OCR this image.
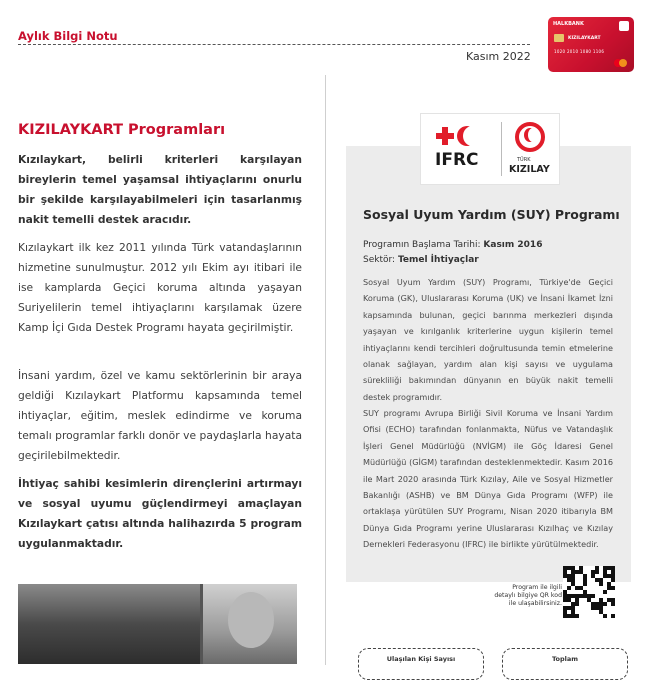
Aylık Bilgi Notu
Kasım 2022
HALKBANK
KIZILAYKART
1020 2010 1080 1106
KIZILAYKART Programları

Kızılaykart, belirli kriterleri karşılayan bireylerin temel yaşamsal ihtiyaçlarını onurlu bir şekilde karşılayabilmeleri için tasarlanmış nakit temelli destek aracıdır.

Kızılaykart ilk kez 2011 yılında Türk vatandaşlarının hizmetine sunulmuştur. 2012 yılı Ekim ayı itibari ile ise kamplarda Geçici koruma altında yaşayan Suriyelilerin temel ihtiyaçlarını karşılamak üzere Kamp İçi Gıda Destek Programı hayata geçirilmiştir.

İnsani yardım, özel ve kamu sektörlerinin bir araya geldiği Kızılaykart Platformu kapsamında temel ihtiyaçlar, eğitim, meslek edindirme ve koruma temalı programlar farklı donör ve paydaşlarla hayata geçirilebilmektedir.

İhtiyaç sahibi kesimlerin dirençlerini artırmayı ve sosyal uyumu güçlendirmeyi amaçlayan Kızılaykart çatısı altında halihazırda 5 program uygulanmaktadır.

IFRC	TÜRK
KIZILAY
Sosyal Uyum Yardım (SUY) Programı
Programın Başlama Tarihi: Kasım 2016
Sektör: Temel İhtiyaçlar

Sosyal Uyum Yardım (SUY) Programı, Türkiye'de Geçici Koruma (GK), Uluslararası Koruma (UK) ve İnsani İkamet İzni kapsamında bulunan, geçici barınma merkezleri dışında yaşayan ve kırılganlık kriterlerine uygun kişilerin temel ihtiyaçlarını kendi tercihleri doğrultusunda temin etmelerine olanak sağlayan, yardım alan kişi sayısı ve uygulama sürekliliği bakımından dünyanın en büyük nakit temelli destek programıdır.

SUY programı Avrupa Birliği Sivil Koruma ve İnsani Yardım Ofisi (ECHO) tarafından fonlanmakta, Nüfus ve Vatandaşlık İşleri Genel Müdürlüğü (NVİGM) ile Göç İdaresi Genel Müdürlüğü (GİGM) tarafından desteklenmektedir. Kasım 2016 ile Mart 2020 arasında Türk Kızılay, Aile ve Sosyal Hizmetler Bakanlığı (ASHB) ve BM Dünya Gıda Programı (WFP) ile ortaklaşa yürütülen SUY Programı, Nisan 2020 itibarıyla BM Dünya Gıda Programı yerine Uluslararası Kızılhaç ve Kızılay Dernekleri Federasyonu (IFRC) ile birlikte yürütülmektedir.

Program ile ilgili detaylı bilgiye QR kod ile ulaşabilirsiniz.
Ulaşılan Kişi Sayısı	Toplam
